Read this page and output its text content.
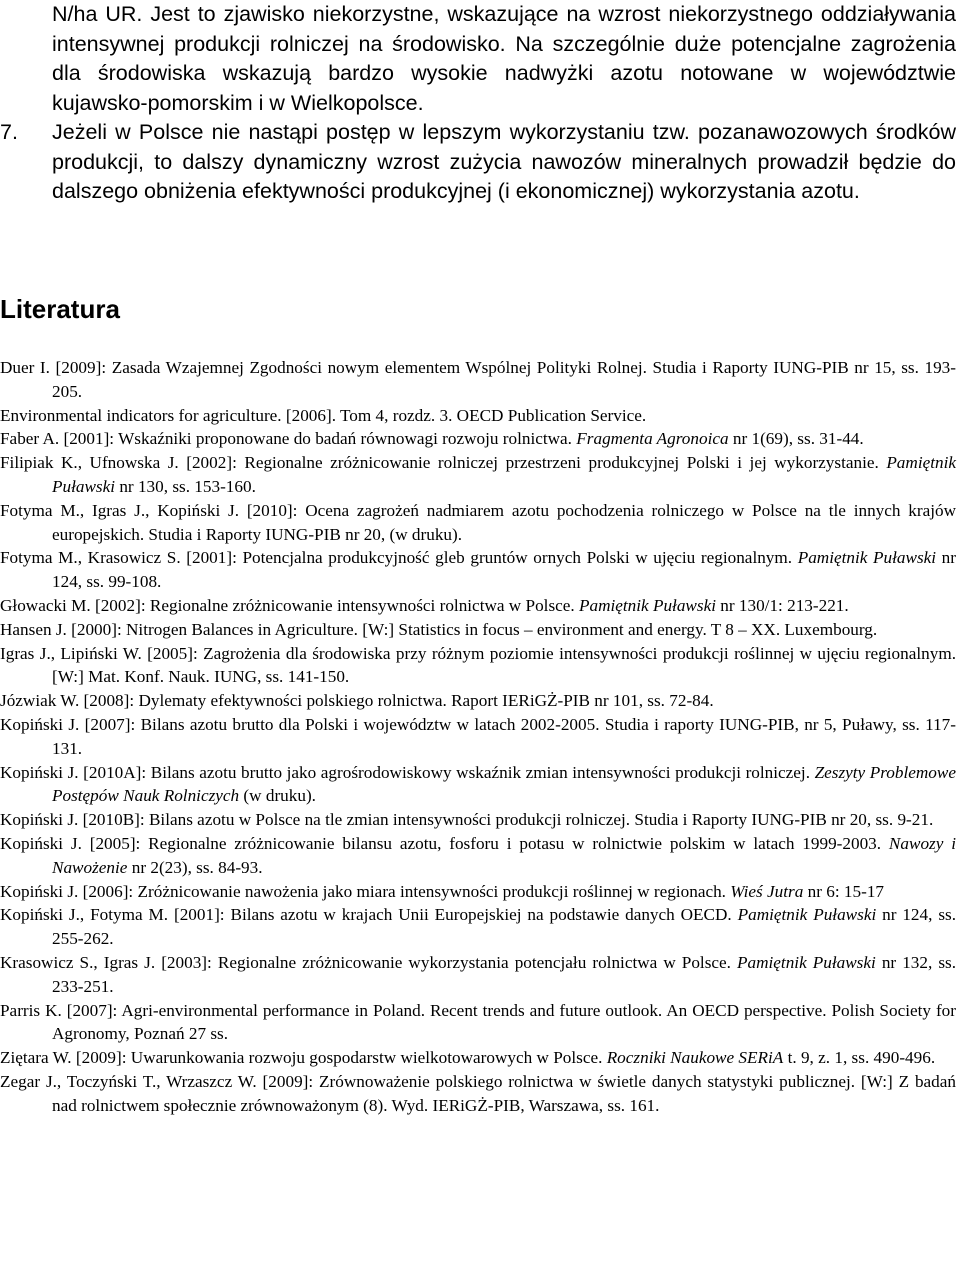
N/ha UR. Jest to zjawisko niekorzystne, wskazujące na wzrost niekorzystnego oddziaływania intensywnej produkcji rolniczej na środowisko. Na szczególnie duże potencjalne zagrożenia dla środowiska wskazują bardzo wysokie nadwyżki azotu notowane w województwie kujawsko-pomorskim i w Wielkopolsce.

7. Jeżeli w Polsce nie nastąpi postęp w lepszym wykorzystaniu tzw. pozanawozowych środków produkcji, to dalszy dynamiczny wzrost zużycia nawozów mineralnych prowadził będzie do dalszego obniżenia efektywności produkcyjnej (i ekonomicznej) wykorzystania azotu.

Literatura
Duer I. [2009]: Zasada Wzajemnej Zgodności nowym elementem Wspólnej Polityki Rolnej. Studia i Raporty IUNG-PIB nr 15, ss. 193-205.
Environmental indicators for agriculture. [2006]. Tom 4, rozdz. 3. OECD Publication Service.
Faber A. [2001]: Wskaźniki proponowane do badań równowagi rozwoju rolnictwa. Fragmenta Agronoica nr 1(69), ss. 31-44.
Filipiak K., Ufnowska J. [2002]: Regionalne zróżnicowanie rolniczej przestrzeni produkcyjnej Polski i jej wykorzystanie. Pamiętnik Puławski nr 130, ss. 153-160.
Fotyma M., Igras J., Kopiński J. [2010]: Ocena zagrożeń nadmiarem azotu pochodzenia rolniczego w Polsce na tle innych krajów europejskich. Studia i Raporty IUNG-PIB nr 20, (w druku).
Fotyma M., Krasowicz S. [2001]: Potencjalna produkcyjność gleb gruntów ornych Polski w ujęciu regionalnym. Pamiętnik Puławski nr 124, ss. 99-108.
Głowacki M. [2002]: Regionalne zróżnicowanie intensywności rolnictwa w Polsce. Pamiętnik Puławski nr 130/1: 213-221.
Hansen J. [2000]: Nitrogen Balances in Agriculture. [W:] Statistics in focus – environment and energy. T 8 – XX. Luxembourg.
Igras J., Lipiński W. [2005]: Zagrożenia dla środowiska przy różnym poziomie intensywności produkcji roślinnej w ujęciu regionalnym. [W:] Mat. Konf. Nauk. IUNG, ss. 141-150.
Józwiak W. [2008]: Dylematy efektywności polskiego rolnictwa. Raport IERiGŻ-PIB nr 101, ss. 72-84.
Kopiński J. [2007]: Bilans azotu brutto dla Polski i województw w latach 2002-2005. Studia i raporty IUNG-PIB, nr 5, Puławy, ss. 117-131.
Kopiński J. [2010A]: Bilans azotu brutto jako agrośrodowiskowy wskaźnik zmian intensywności produkcji rolniczej. Zeszyty Problemowe Postępów Nauk Rolniczych (w druku).
Kopiński J. [2010B]: Bilans azotu w Polsce na tle zmian intensywności produkcji rolniczej. Studia i Raporty IUNG-PIB nr 20, ss. 9-21.
Kopiński J. [2005]: Regionalne zróżnicowanie bilansu azotu, fosforu i potasu w rolnictwie polskim w latach 1999-2003. Nawozy i Nawożenie nr 2(23), ss. 84-93.
Kopiński J. [2006]: Zróżnicowanie nawożenia jako miara intensywności produkcji roślinnej w regionach. Wieś Jutra nr 6: 15-17
Kopiński J., Fotyma M. [2001]: Bilans azotu w krajach Unii Europejskiej na podstawie danych OECD. Pamiętnik Puławski nr 124, ss. 255-262.
Krasowicz S., Igras J. [2003]: Regionalne zróżnicowanie wykorzystania potencjału rolnictwa w Polsce. Pamiętnik Puławski nr 132, ss. 233-251.
Parris K. [2007]: Agri-environmental performance in Poland. Recent trends and future outlook. An OECD perspective. Polish Society for Agronomy, Poznań 27 ss.
Ziętara W. [2009]: Uwarunkowania rozwoju gospodarstw wielkotowarowych w Polsce. Roczniki Naukowe SERiA t. 9, z. 1, ss. 490-496.
Zegar J., Toczyński T., Wrzaszcz W. [2009]: Zrównoważenie polskiego rolnictwa w świetle danych statystyki publicznej. [W:] Z badań nad rolnictwem społecznie zrównoważonym (8). Wyd. IERiGŻ-PIB, Warszawa, ss. 161.
